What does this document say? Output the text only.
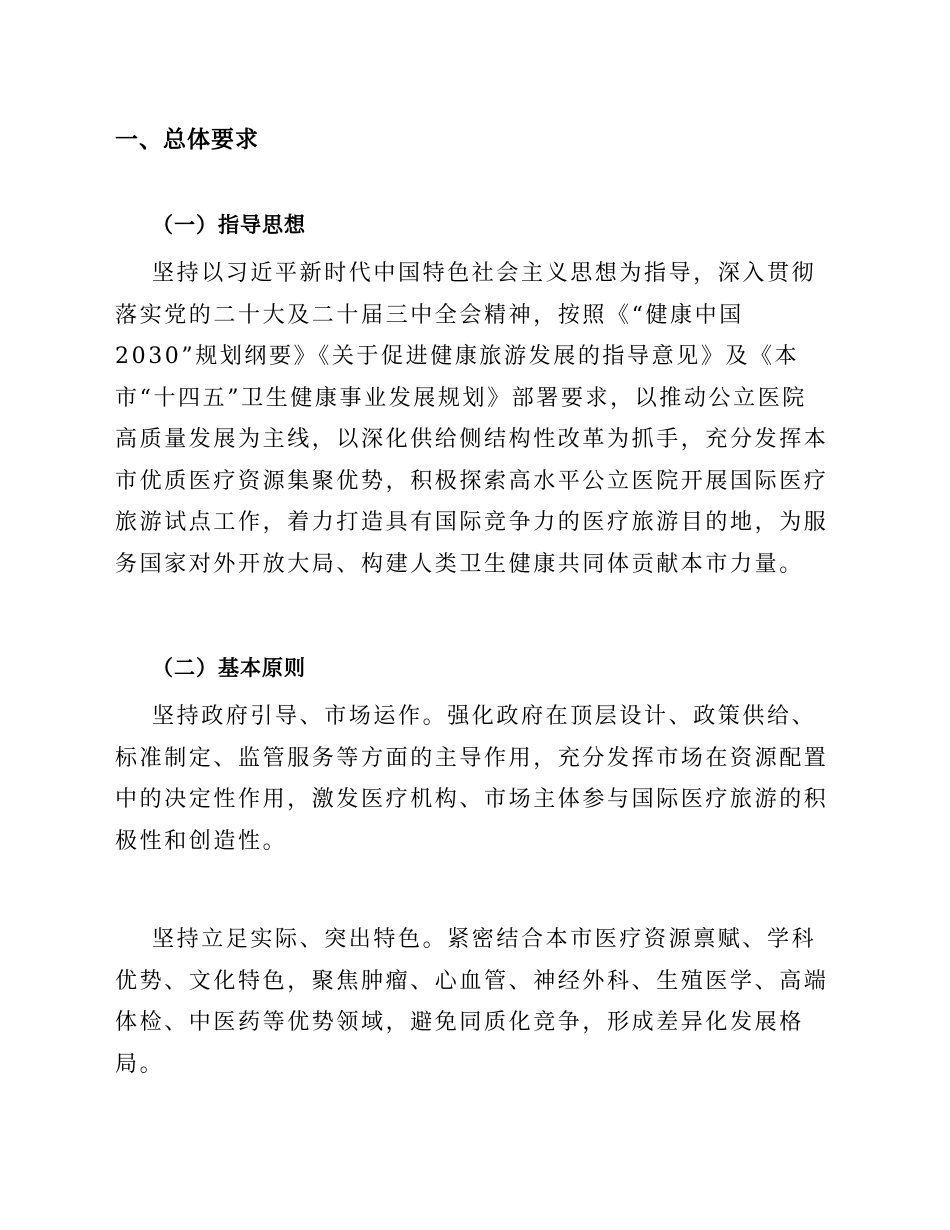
一、总体要求
（一）指导思想

坚持以习近平新时代中国特色社会主义思想为指导，深入贯彻
落实党的二十大及二十届三中全会精神，按照《“健康中国
2030”规划纲要》《关于促进健康旅游发展的指导意见》及《本
市“十四五”卫生健康事业发展规划》部署要求，以推动公立医院
高质量发展为主线，以深化供给侧结构性改革为抓手，充分发挥本
市优质医疗资源集聚优势，积极探索高水平公立医院开展国际医疗
旅游试点工作，着力打造具有国际竞争力的医疗旅游目的地，为服
务国家对外开放大局、构建人类卫生健康共同体贡献本市力量。

（二）基本原则

坚持政府引导、市场运作。强化政府在顶层设计、政策供给、
标准制定、监管服务等方面的主导作用，充分发挥市场在资源配置
中的决定性作用，激发医疗机构、市场主体参与国际医疗旅游的积
极性和创造性。

坚持立足实际、突出特色。紧密结合本市医疗资源禀赋、学科
优势、文化特色，聚焦肿瘤、心血管、神经外科、生殖医学、高端
体检、中医药等优势领域，避免同质化竞争，形成差异化发展格
局。
